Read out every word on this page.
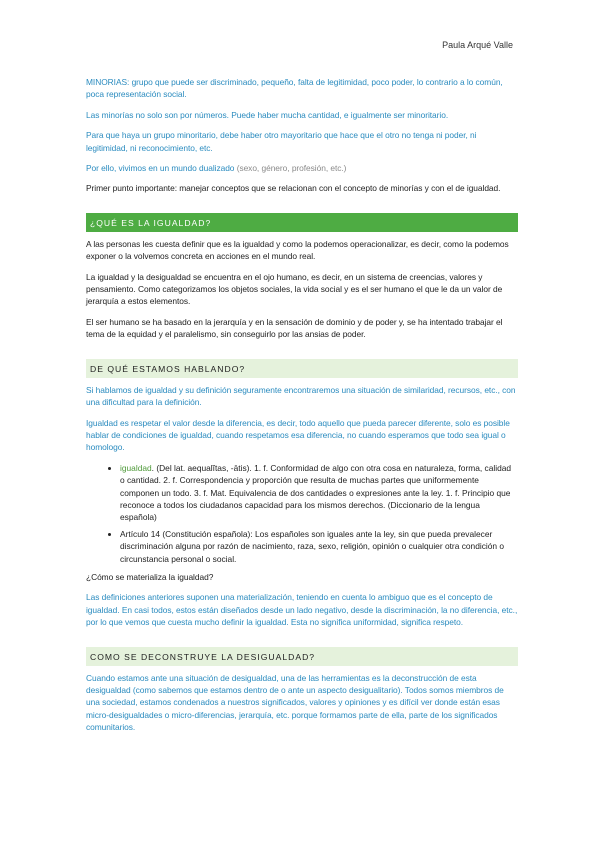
Paula Arqué Valle

MINORIAS: grupo que puede ser discriminado, pequeño, falta de legitimidad, poco poder, lo contrario a lo común, poca representación social.

Las minorías no solo son por números. Puede haber mucha cantidad, e igualmente ser minoritario.

Para que haya un grupo minoritario, debe haber otro mayoritario que hace que el otro no tenga ni poder, ni legitimidad, ni reconocimiento, etc.

Por ello, vivimos en un mundo dualizado (sexo, género, profesión, etc.)

Primer punto importante: manejar conceptos que se relacionan con el concepto de minorías y con el de igualdad.

¿QUÉ ES LA IGUALDAD?

A las personas les cuesta definir que es la igualdad y como la podemos operacionalizar, es decir, como la podemos exponer o la volvemos concreta en acciones en el mundo real.

La igualdad y la desigualdad se encuentra en el ojo humano, es decir, en un sistema de creencias, valores y pensamiento. Como categorizamos los objetos sociales, la vida social y es el ser humano el que le da un valor de jerarquía a estos elementos.

El ser humano se ha basado en la jerarquía y en la sensación de dominio y de poder y, se ha intentado trabajar el tema de la equidad y el paralelismo, sin conseguirlo por las ansias de poder.

DE QUÉ ESTAMOS HABLANDO?

Si hablamos de igualdad y su definición seguramente encontraremos una situación de similaridad, recursos, etc., con una dificultad para la definición.

Igualdad es respetar el valor desde la diferencia, es decir, todo aquello que pueda parecer diferente, solo es posible hablar de condiciones de igualdad, cuando respetamos esa diferencia, no cuando esperamos que todo sea igual o homologo.

• igualdad. (Del lat. aequalĭtas, -ātis). 1. f. Conformidad de algo con otra cosa en naturaleza, forma, calidad o cantidad. 2. f. Correspondencia y proporción que resulta de muchas partes que uniformemente componen un todo. 3. f. Mat. Equivalencia de dos cantidades o expresiones ante la ley. 1. f. Principio que reconoce a todos los ciudadanos capacidad para los mismos derechos. (Diccionario de la lengua española)
• Artículo 14 (Constitución española): Los españoles son iguales ante la ley, sin que pueda prevalecer discriminación alguna por razón de nacimiento, raza, sexo, religión, opinión o cualquier otra condición o circunstancia personal o social.

¿Cómo se materializa la igualdad?

Las definiciones anteriores suponen una materialización, teniendo en cuenta lo ambiguo que es el concepto de igualdad. En casi todos, estos están diseñados desde un lado negativo, desde la discriminación, la no diferencia, etc., por lo que vemos que cuesta mucho definir la igualdad. Esta no significa uniformidad, significa respeto.

COMO SE DECONSTRUYE LA DESIGUALDAD?

Cuando estamos ante una situación de desigualdad, una de las herramientas es la deconstrucción de esta desigualdad (como sabemos que estamos dentro de o ante un aspecto desigualitario). Todos somos miembros de una sociedad, estamos condenados a nuestros significados, valores y opiniones y es difícil ver donde están esas micro-desigualdades o micro-diferencias, jerarquía, etc. porque formamos parte de ella, parte de los significados comunitarios.
